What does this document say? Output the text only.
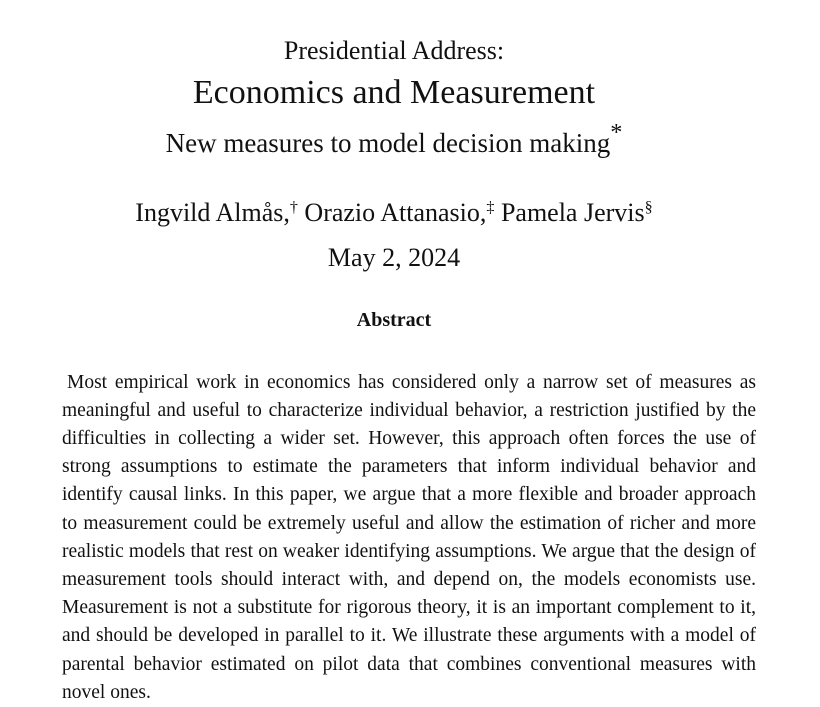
Presidential Address:
Economics and Measurement
New measures to model decision making*
Ingvild Almås,† Orazio Attanasio,‡ Pamela Jervis§
May 2, 2024
Abstract

Most empirical work in economics has considered only a narrow set of measures as meaningful and useful to characterize individual behavior, a restriction justified by the difficulties in collecting a wider set. However, this approach often forces the use of strong assumptions to estimate the parameters that inform individual behavior and identify causal links. In this paper, we argue that a more flexible and broader approach to measurement could be extremely useful and allow the estimation of richer and more realistic models that rest on weaker identifying assumptions. We argue that the design of measurement tools should interact with, and depend on, the models economists use. Measurement is not a substitute for rigorous theory, it is an important complement to it, and should be developed in parallel to it. We illustrate these arguments with a model of parental behavior estimated on pilot data that combines conventional measures with novel ones.
